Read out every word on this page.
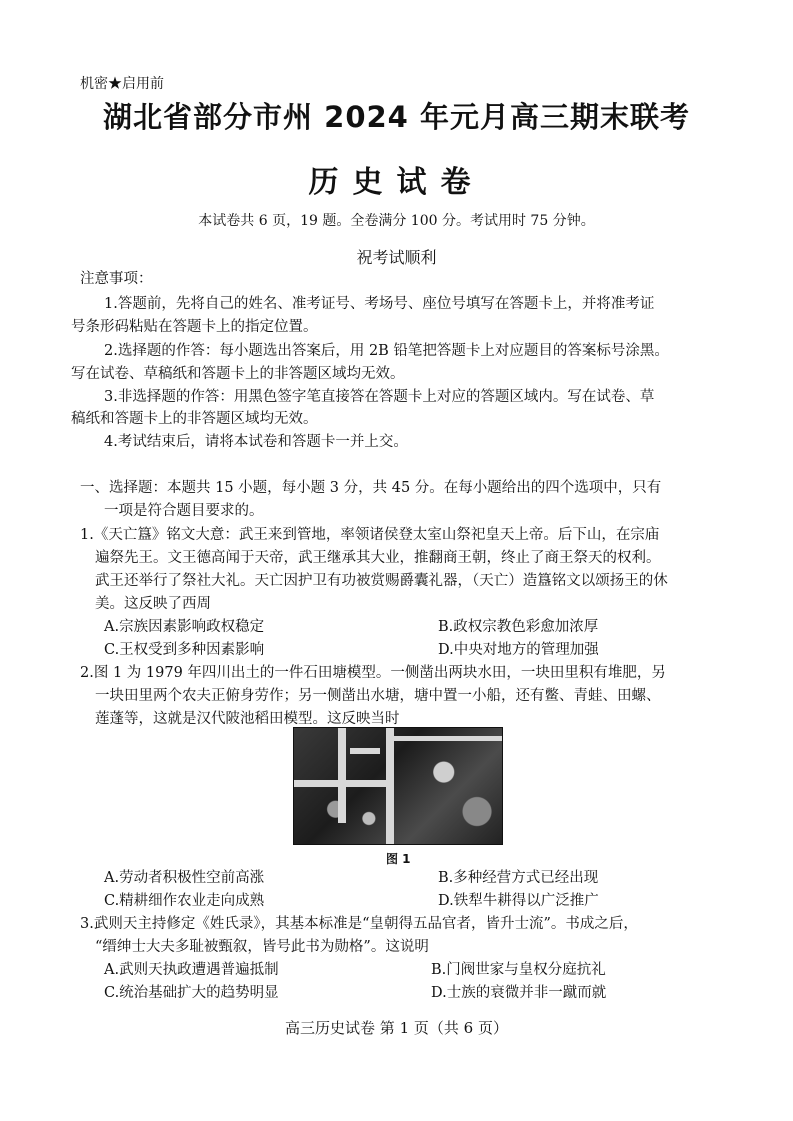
机密★启用前
湖北省部分市州 2024 年元月高三期末联考
历史试卷
本试卷共 6 页，19 题。全卷满分 100 分。考试用时 75 分钟。
祝考试顺利
注意事项：
1.答题前，先将自己的姓名、准考证号、考场号、座位号填写在答题卡上，并将准考证
号条形码粘贴在答题卡上的指定位置。
2.选择题的作答：每小题选出答案后，用 2B 铅笔把答题卡上对应题目的答案标号涂黑。
写在试卷、草稿纸和答题卡上的非答题区域均无效。
3.非选择题的作答：用黑色签字笔直接答在答题卡上对应的答题区域内。写在试卷、草
稿纸和答题卡上的非答题区域均无效。
4.考试结束后，请将本试卷和答题卡一并上交。
一、选择题：本题共 15 小题，每小题 3 分，共 45 分。在每小题给出的四个选项中，只有
一项是符合题目要求的。
1.《天亡簋》铭文大意：武王来到管地，率领诸侯登太室山祭祀皇天上帝。后下山，在宗庙
遍祭先王。文王德高闻于天帝，武王继承其大业，推翻商王朝，终止了商王祭天的权利。
武王还举行了祭社大礼。天亡因护卫有功被赏赐爵囊礼器，（天亡）造簋铭文以颂扬王的休
美。这反映了西周
A.宗族因素影响政权稳定	B.政权宗教色彩愈加浓厚
C.王权受到多种因素影响	D.中央对地方的管理加强
2.图 1 为 1979 年四川出土的一件石田塘模型。一侧凿出两块水田，一块田里积有堆肥，另
一块田里两个农夫正俯身劳作；另一侧凿出水塘，塘中置一小船，还有鳖、青蛙、田螺、
莲蓬等，这就是汉代陂池稻田模型。这反映当时
图 1
A.劳动者积极性空前高涨	B.多种经营方式已经出现
C.精耕细作农业走向成熟	D.铁犁牛耕得以广泛推广
3.武则天主持修定《姓氏录》，其基本标准是“皇朝得五品官者，皆升士流”。书成之后，
“缙绅士大夫多耻被甄叙，皆号此书为勋格”。这说明
A.武则天执政遭遇普遍抵制	B.门阀世家与皇权分庭抗礼
C.统治基础扩大的趋势明显	D.士族的衰微并非一蹴而就
高三历史试卷 第 1 页（共 6 页）
